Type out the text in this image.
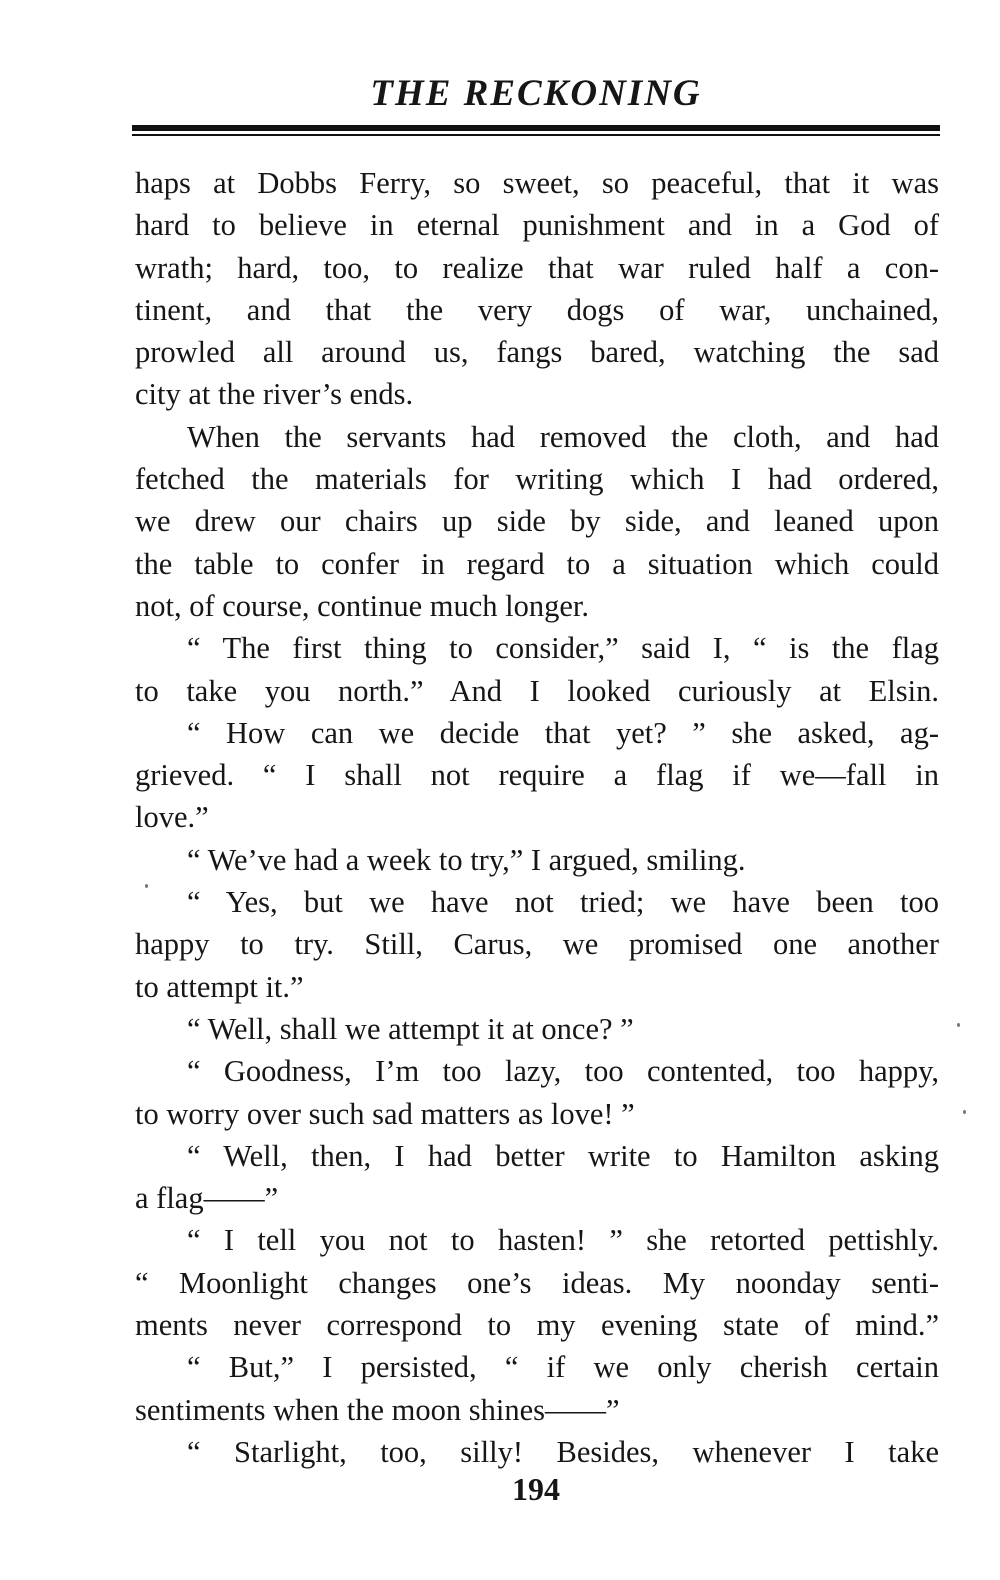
THE RECKONING
haps at Dobbs Ferry, so sweet, so peaceful, that it was
hard to believe in eternal punishment and in a God of
wrath; hard, too, to realize that war ruled half a con-
tinent, and that the very dogs of war, unchained,
prowled all around us, fangs bared, watching the sad
city at the river’s ends.
When the servants had removed the cloth, and had
fetched the materials for writing which I had ordered,
we drew our chairs up side by side, and leaned upon
the table to confer in regard to a situation which could
not, of course, continue much longer.
“ The first thing to consider,” said I, “ is the flag
to take you north.” And I looked curiously at Elsin.
“ How can we decide that yet? ” she asked, ag-
grieved. “ I shall not require a flag if we—fall in
love.”
“ We’ve had a week to try,” I argued, smiling.
“ Yes, but we have not tried; we have been too
happy to try. Still, Carus, we promised one another
to attempt it.”
“ Well, shall we attempt it at once? ”
“ Goodness, I’m too lazy, too contented, too happy,
to worry over such sad matters as love! ”
“ Well, then, I had better write to Hamilton asking
a flag——”
“ I tell you not to hasten! ” she retorted pettishly.
“ Moonlight changes one’s ideas. My noonday senti-
ments never correspond to my evening state of mind.”
“ But,” I persisted, “ if we only cherish certain
sentiments when the moon shines——”
“ Starlight, too, silly! Besides, whenever I take
194
